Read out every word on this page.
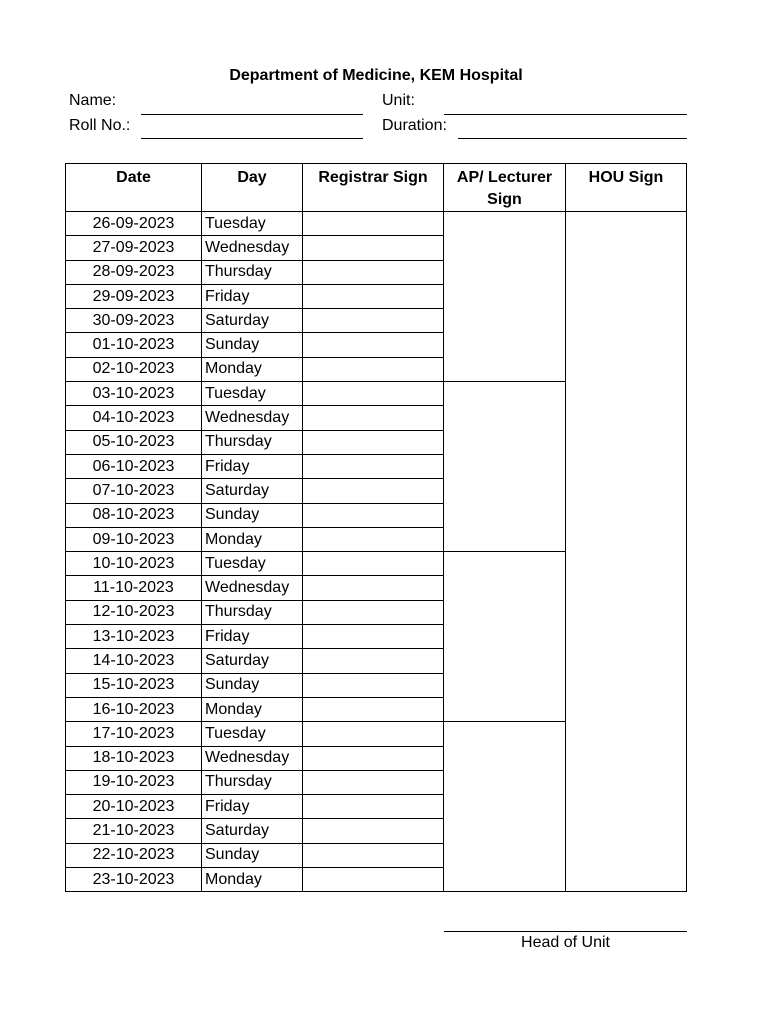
Department of Medicine, KEM Hospital
Name:	Unit:
Roll No.:	Duration:
Date	Day	Registrar Sign	AP/ Lecturer Sign	HOU Sign
26-09-2023	Tuesday			
27-09-2023	Wednesday			
28-09-2023	Thursday			
29-09-2023	Friday			
30-09-2023	Saturday			
01-10-2023	Sunday			
02-10-2023	Monday			
03-10-2023	Tuesday			
04-10-2023	Wednesday			
05-10-2023	Thursday			
06-10-2023	Friday			
07-10-2023	Saturday			
08-10-2023	Sunday			
09-10-2023	Monday			
10-10-2023	Tuesday			
11-10-2023	Wednesday			
12-10-2023	Thursday			
13-10-2023	Friday			
14-10-2023	Saturday			
15-10-2023	Sunday			
16-10-2023	Monday			
17-10-2023	Tuesday			
18-10-2023	Wednesday			
19-10-2023	Thursday			
20-10-2023	Friday			
21-10-2023	Saturday			
22-10-2023	Sunday			
23-10-2023	Monday			
Head of Unit
